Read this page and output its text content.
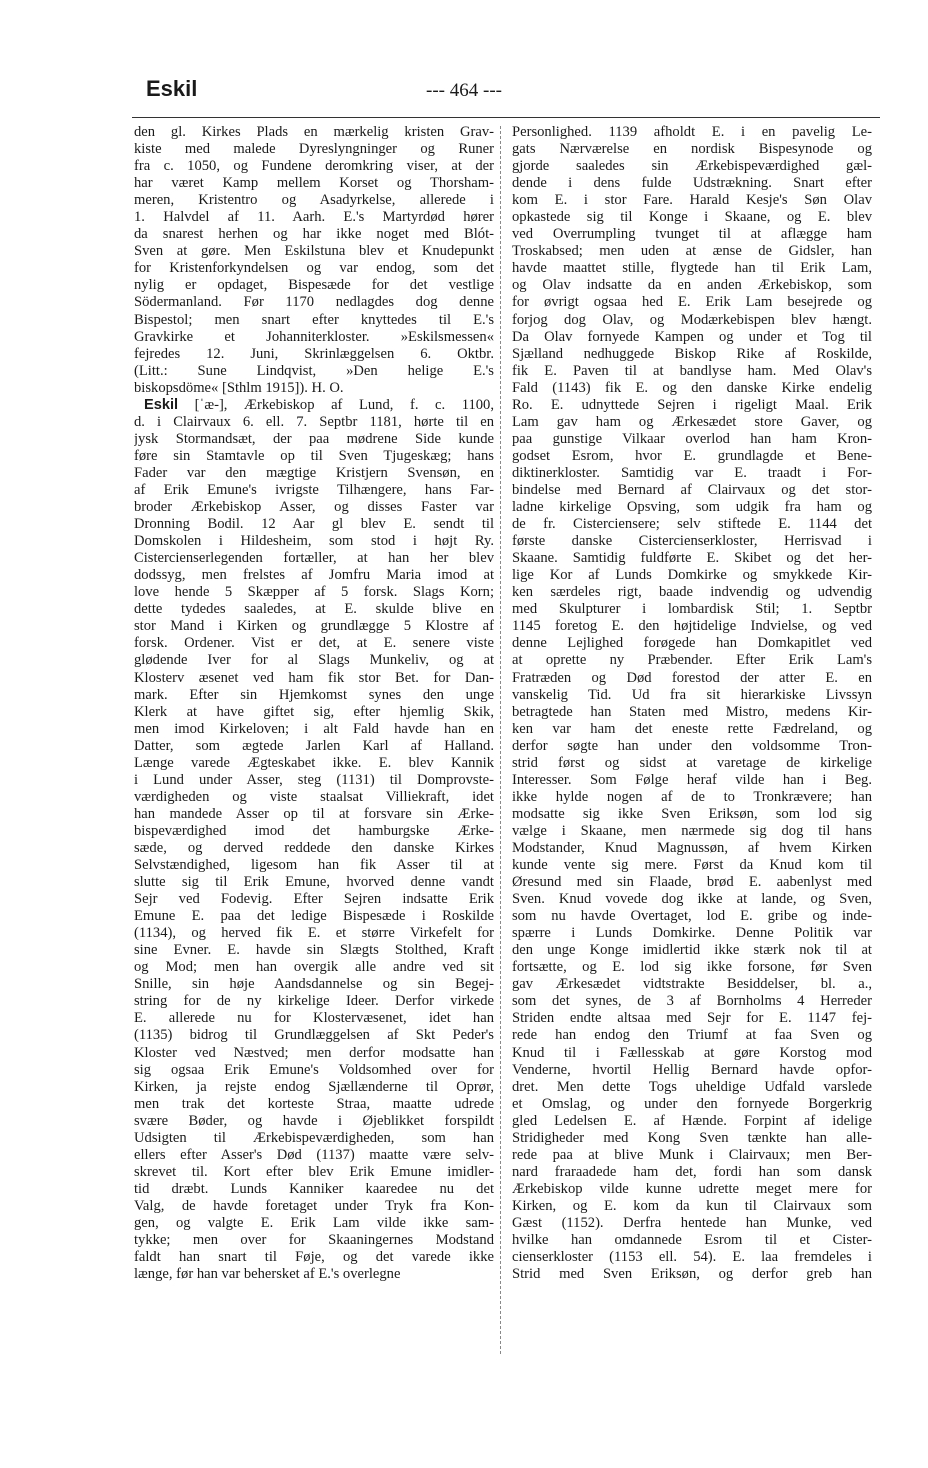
Eskil	--- 464 ---
den gl. Kirkes Plads en mærkelig kristen Grav-
kiste med malede Dyreslyngninger og Runer
fra c. 1050, og Fundene deromkring viser, at der
har været Kamp mellem Korset og Thorsham-
meren, Kristentro og Asadyrkelse, allerede i
1. Halvdel af 11. Aarh. E.'s Martyrdød hører
da snarest herhen og har ikke noget med Blót-
Sven at gøre. Men Eskilstuna blev et Knudepunkt
for Kristenforkyndelsen og var endog, som det
nylig er opdaget, Bispesæde for det vestlige
Södermanland. Før 1170 nedlagdes dog denne
Bispestol; men snart efter knyttedes til E.'s
Gravkirke et Johanniterkloster. »Eskilsmessen«
fejredes 12. Juni, Skrinlæggelsen 6. Oktbr.
(Litt.: Sune Lindqvist, »Den helige E.'s
biskopsdöme« [Sthlm 1915]). H. O.
Eskil [ˈæ-], Ærkebiskop af Lund, f. c. 1100,
d. i Clairvaux 6. ell. 7. Septbr 1181, hørte til en
jysk Stormandsæt, der paa mødrene Side kunde
føre sin Stamtavle op til Sven Tjugeskæg; hans
Fader var den mægtige Kristjern Svensøn, en
af Erik Emune's ivrigste Tilhængere, hans Far-
broder Ærkebiskop Asser, og disses Faster var
Dronning Bodil. 12 Aar gl blev E. sendt til
Domskolen i Hildesheim, som stod i højt Ry.
Cistercienserlegenden fortæller, at han her blev
dodssyg, men frelstes af Jomfru Maria imod at
love hende 5 Skæpper af 5 forsk. Slags Korn;
dette tydedes saaledes, at E. skulde blive en
stor Mand i Kirken og grundlægge 5 Klostre af
forsk. Ordener. Vist er det, at E. senere viste
glødende Iver for al Slags Munkeliv, og at
Klosterv æsenet ved ham fik stor Bet. for Dan-
mark. Efter sin Hjemkomst synes den unge
Klerk at have giftet sig, efter hjemlig Skik,
men imod Kirkeloven; i alt Fald havde han en
Datter, som ægtede Jarlen Karl af Halland.
Længe varede Ægteskabet ikke. E. blev Kannik
i Lund under Asser, steg (1131) til Domprovste-
værdigheden og viste staalsat Villiekraft, idet
han mandede Asser op til at forsvare sin Ærke-
bispeværdighed imod det hamburgske Ærke-
sæde, og derved reddede den danske Kirkes
Selvstændighed, ligesom han fik Asser til at
slutte sig til Erik Emune, hvorved denne vandt
Sejr ved Fodevig. Efter Sejren indsatte Erik
Emune E. paa det ledige Bispesæde i Roskilde
(1134), og herved fik E. et større Virkefelt for
sine Evner. E. havde sin Slægts Stolthed, Kraft
og Mod; men han overgik alle andre ved sit
Snille, sin høje Aandsdannelse og sin Begej-
string for de ny kirkelige Ideer. Derfor virkede
E. allerede nu for Klostervæsenet, idet han
(1135) bidrog til Grundlæggelsen af Skt Peder's
Kloster ved Næstved; men derfor modsatte han
sig ogsaa Erik Emune's Voldsomhed over for
Kirken, ja rejste endog Sjællænderne til Oprør,
men trak det korteste Straa, maatte udrede
svære Bøder, og havde i Øjeblikket forspildt
Udsigten til Ærkebispeværdigheden, som han
ellers efter Asser's Død (1137) maatte være selv-
skrevet til. Kort efter blev Erik Emune imidler-
tid dræbt. Lunds Kanniker kaaredee nu det
Valg, de havde foretaget under Tryk fra Kon-
gen, og valgte E. Erik Lam vilde ikke sam-
tykke; men over for Skaaningernes Modstand
faldt han snart til Føje, og det varede ikke
længe, før han var behersket af E.'s overlegne
Personlighed. 1139 afholdt E. i en pavelig Le-
gats Nærværelse en nordisk Bispesynode og
gjorde saaledes sin Ærkebispeværdighed gæl-
dende i dens fulde Udstrækning. Snart efter
kom E. i stor Fare. Harald Kesje's Søn Olav
opkastede sig til Konge i Skaane, og E. blev
ved Overrumpling tvunget til at aflægge ham
Troskabsed; men uden at ænse de Gidsler, han
havde maattet stille, flygtede han til Erik Lam,
og Olav indsatte da en anden Ærkebiskop, som
for øvrigt ogsaa hed E. Erik Lam besejrede og
forjog dog Olav, og Modærkebispen blev hængt.
Da Olav fornyede Kampen og under et Tog til
Sjælland nedhuggede Biskop Rike af Roskilde,
fik E. Paven til at bandlyse ham. Med Olav's
Fald (1143) fik E. og den danske Kirke endelig
Ro. E. udnyttede Sejren i rigeligt Maal. Erik
Lam gav ham og Ærkesædet store Gaver, og
paa gunstige Vilkaar overlod han ham Kron-
godset Esrom, hvor E. grundlagde et Bene-
diktinerkloster. Samtidig var E. traadt i For-
bindelse med Bernard af Clairvaux og det stor-
ladne kirkelige Opsving, som udgik fra ham og
de fr. Cisterciensere; selv stiftede E. 1144 det
første danske Cistercienserkloster, Herrisvad i
Skaane. Samtidig fuldførte E. Skibet og det her-
lige Kor af Lunds Domkirke og smykkede Kir-
ken særdeles rigt, baade indvendig og udvendig
med Skulpturer i lombardisk Stil; 1. Septbr
1145 foretog E. den højtidelige Indvielse, og ved
denne Lejlighed forøgede han Domkapitlet ved
at oprette ny Præbender. Efter Erik Lam's
Fratræden og Død forestod der atter E. en
vanskelig Tid. Ud fra sit hierarkiske Livssyn
betragtede han Staten med Mistro, medens Kir-
ken var ham det eneste rette Fædreland, og
derfor søgte han under den voldsomme Tron-
strid først og sidst at varetage de kirkelige
Interesser. Som Følge heraf vilde han i Beg.
ikke hylde nogen af de to Tronkrævere; han
modsatte sig ikke Sven Eriksøn, som lod sig
vælge i Skaane, men nærmede sig dog til hans
Modstander, Knud Magnussøn, af hvem Kirken
kunde vente sig mere. Først da Knud kom til
Øresund med sin Flaade, brød E. aabenlyst med
Sven. Knud vovede dog ikke at lande, og Sven,
som nu havde Overtaget, lod E. gribe og inde-
spærre i Lunds Domkirke. Denne Politik var
den unge Konge imidlertid ikke stærk nok til at
fortsætte, og E. lod sig ikke forsone, før Sven
gav Ærkesædet vidtstrakte Besiddelser, bl. a.,
som det synes, de 3 af Bornholms 4 Herreder
Striden endte altsaa med Sejr for E. 1147 fej-
rede han endog den Triumf at faa Sven og
Knud til i Fællesskab at gøre Korstog mod
Venderne, hvortil Hellig Bernard havde opfor-
dret. Men dette Togs uheldige Udfald varslede
et Omslag, og under den fornyede Borgerkrig
gled Ledelsen E. af Hænde. Forpint af idelige
Stridigheder med Kong Sven tænkte han alle-
rede paa at blive Munk i Clairvaux; men Ber-
nard fraraadede ham det, fordi han som dansk
Ærkebiskop vilde kunne udrette meget mere for
Kirken, og E. kom da kun til Clairvaux som
Gæst (1152). Derfra hentede han Munke, ved
hvilke han omdannede Esrom til et Cister-
cienserkloster (1153 ell. 54). E. laa fremdeles i
Strid med Sven Eriksøn, og derfor greb han
